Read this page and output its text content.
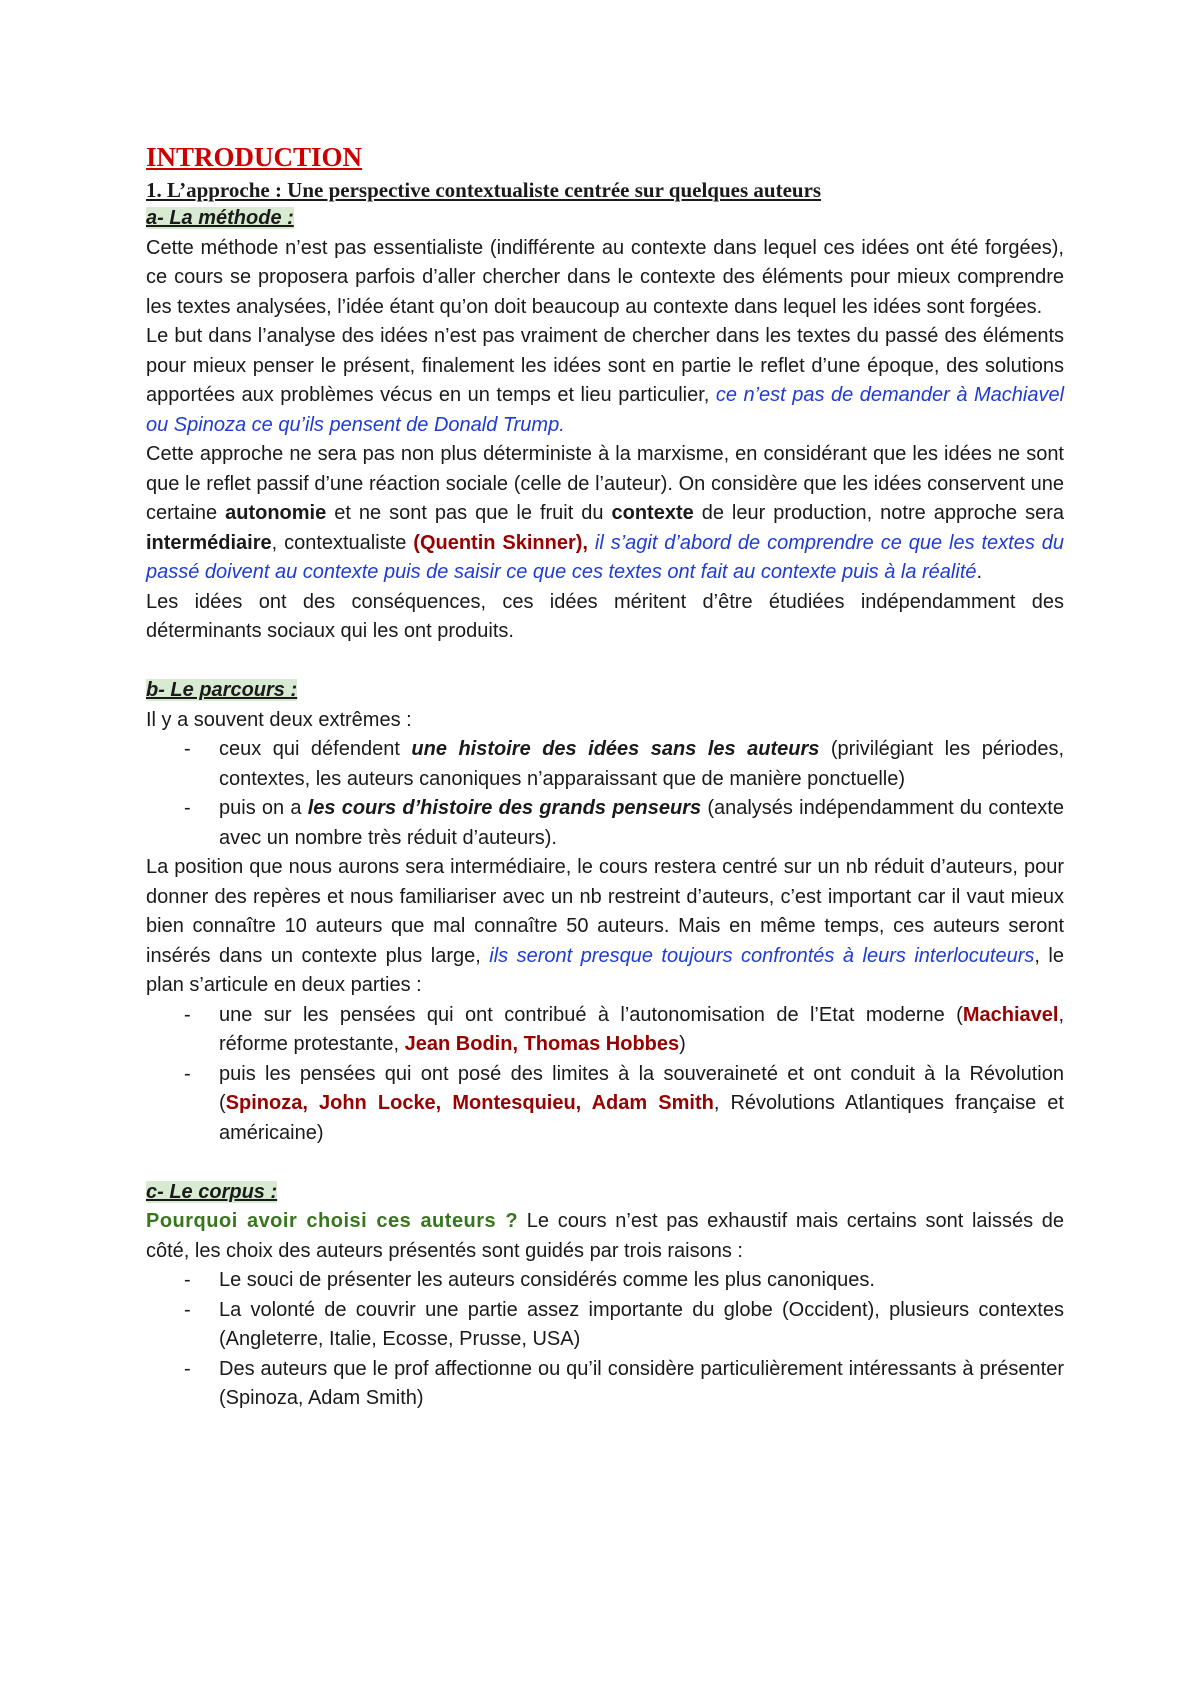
INTRODUCTION
1. L’approche : Une perspective contextualiste centrée sur quelques auteurs
a- La méthode :

Cette méthode n’est pas essentialiste (indifférente au contexte dans lequel ces idées ont été forgées), ce cours se proposera parfois d’aller chercher dans le contexte des éléments pour mieux comprendre les textes analysées, l’idée étant qu’on doit beaucoup au contexte dans lequel les idées sont forgées.

Le but dans l’analyse des idées n’est pas vraiment de chercher dans les textes du passé des éléments pour mieux penser le présent, finalement les idées sont en partie le reflet d’une époque, des solutions apportées aux problèmes vécus en un temps et lieu particulier, ce n’est pas de demander à Machiavel ou Spinoza ce qu’ils pensent de Donald Trump.

Cette approche ne sera pas non plus déterministe à la marxisme, en considérant que les idées ne sont que le reflet passif d’une réaction sociale (celle de l’auteur). On considère que les idées conservent une certaine autonomie et ne sont pas que le fruit du contexte de leur production, notre approche sera intermédiaire, contextualiste (Quentin Skinner), il s’agit d’abord de comprendre ce que les textes du passé doivent au contexte puis de saisir ce que ces textes ont fait au contexte puis à la réalité.

Les idées ont des conséquences, ces idées méritent d’être étudiées indépendamment des déterminants sociaux qui les ont produits.

b- Le parcours :

Il y a souvent deux extrêmes :

- ceux qui défendent une histoire des idées sans les auteurs (privilégiant les périodes, contextes, les auteurs canoniques n’apparaissant que de manière ponctuelle)
- puis on a les cours d’histoire des grands penseurs (analysés indépendamment du contexte avec un nombre très réduit d’auteurs).

La position que nous aurons sera intermédiaire, le cours restera centré sur un nb réduit d’auteurs, pour donner des repères et nous familiariser avec un nb restreint d’auteurs, c’est important car il vaut mieux bien connaître 10 auteurs que mal connaître 50 auteurs. Mais en même temps, ces auteurs seront insérés dans un contexte plus large, ils seront presque toujours confrontés à leurs interlocuteurs, le plan s’articule en deux parties :

- une sur les pensées qui ont contribué à l’autonomisation de l’Etat moderne (Machiavel, réforme protestante, Jean Bodin, Thomas Hobbes)
- puis les pensées qui ont posé des limites à la souveraineté et ont conduit à la Révolution (Spinoza, John Locke, Montesquieu, Adam Smith, Révolutions Atlantiques française et américaine)
c- Le corpus :

Pourquoi avoir choisi ces auteurs ? Le cours n’est pas exhaustif mais certains sont laissés de côté, les choix des auteurs présentés sont guidés par trois raisons :

- Le souci de présenter les auteurs considérés comme les plus canoniques.
- La volonté de couvrir une partie assez importante du globe (Occident), plusieurs contextes (Angleterre, Italie, Ecosse, Prusse, USA)
- Des auteurs que le prof affectionne ou qu’il considère particulièrement intéressants à présenter (Spinoza, Adam Smith)
